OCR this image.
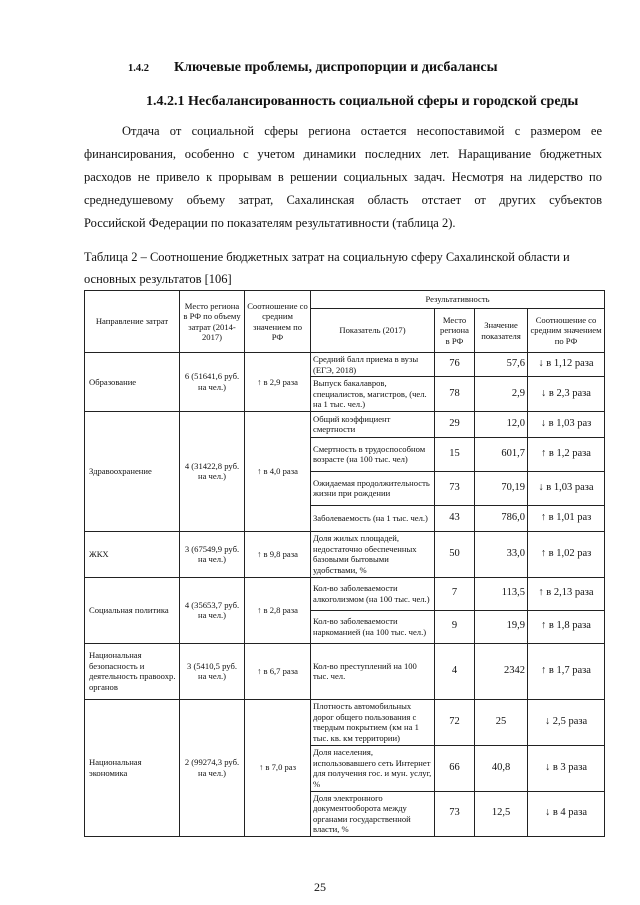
1.4.2 Ключевые проблемы, диспропорции и дисбалансы
1.4.2.1 Несбалансированность социальной сферы и городской среды
Отдача от социальной сферы региона остается несопоставимой с размером ее
финансирования, особенно с учетом динамики последних лет. Наращивание бюджетных
расходов не привело к прорывам в решении социальных задач. Несмотря на лидерство по
среднедушевому объему затрат, Сахалинская область отстает от других субъектов
Российской Федерации по показателям результативности (таблица 2).
Таблица 2 – Соотношение бюджетных затрат на социальную сферу Сахалинской области и основных результатов [106]
Направление затрат	Место региона в РФ по объему затрат (2014-2017)	Соотношение со средним значением по РФ	Результативность			
			Показатель (2017)	Место региона в РФ	Значение показателя	Соотношение со средним значением по РФ
Образование	6 (51641,6 руб. на чел.)	↑ в 2,9 раза	Средний балл приема в вузы (ЕГЭ, 2018)	76	57,6	↓ в 1,12 раза
			Выпуск бакалавров, специалистов, магистров, (чел. на 1 тыс. чел.)	78	2,9	↓ в 2,3 раза
Здравоохранение	4 (31422,8 руб. на чел.)	↑ в 4,0 раза	Общий коэффициент смертности	29	12,0	↓ в 1,03 раз
			Смертность в трудоспособном возрасте (на 100 тыс. чел)	15	601,7	↑ в 1,2 раза
			Ожидаемая продолжительность жизни при рождении	73	70,19	↓ в 1,03 раза
			Заболеваемость (на 1 тыс. чел.)	43	786,0	↑ в 1,01 раз
ЖКХ	3 (67549,9 руб. на чел.)	↑ в 9,8 раза	Доля жилых площадей, недостаточно обеспеченных базовыми бытовыми удобствами, %	50	33,0	↑ в 1,02 раз
Социальная политика	4 (35653,7 руб. на чел.)	↑ в 2,8 раза	Кол-во заболеваемости алкоголизмом (на 100 тыс. чел.)	7	113,5	↑ в 2,13 раза
			Кол-во заболеваемости наркоманией (на 100 тыс. чел.)	9	19,9	↑ в 1,8 раза
Национальная безопасность и деятельность правоохр. органов	3 (5410,5 руб. на чел.)	↑ в 6,7 раза	Кол-во преступлений на 100 тыс. чел.	4	2342	↑ в 1,7 раза
Национальная экономика	2 (99274,3 руб. на чел.)	↑ в 7,0 раз	Плотность автомобильных дорог общего пользования с твердым покрытием (км на 1 тыс. кв. км территории)	72	25	↓ 2,5 раза
			Доля населения, использовавшего сеть Интернет для получения гос. и мун. услуг, %	66	40,8	↓ в 3 раза
			Доля электронного документооборота между органами государственной власти, %	73	12,5	↓ в 4 раза
25
